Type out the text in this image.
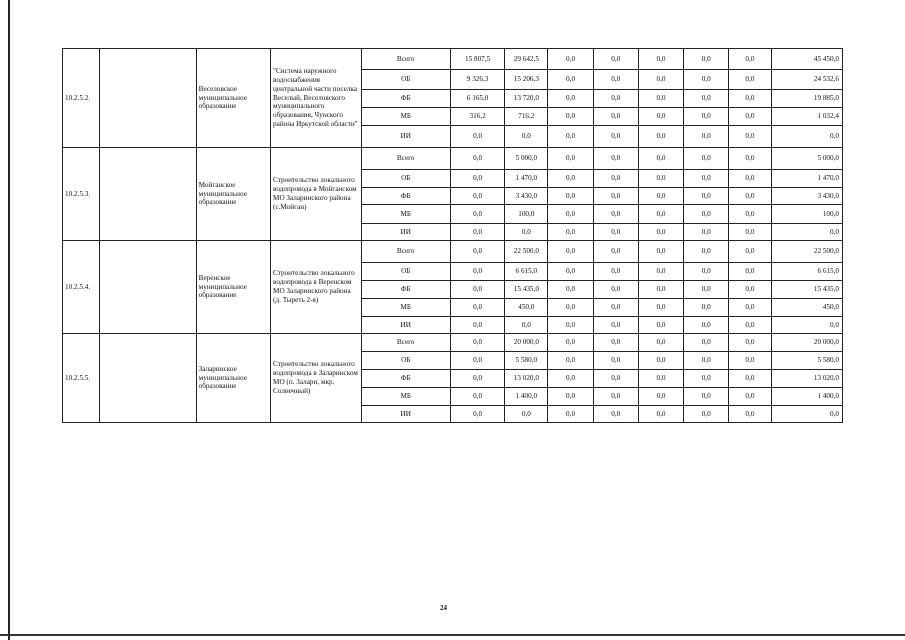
10.2.5.2.		Веселовское муниципальное образование	"Система наружного водоснабжения центральной части поселка Веселый, Веселовского муниципального образования, Чунского района Иркутской области"	Всего	15 807,5	29 642,5	0,0	0,0	0,0	0,0	0,0	45 450,0
				ОБ	9 326,3	15 206,3	0,0	0,0	0,0	0,0	0,0	24 532,6
				ФБ	6 165,0	13 720,0	0,0	0,0	0,0	0,0	0,0	19 885,0
				МБ	316,2	716,2	0,0	0,0	0,0	0,0	0,0	1 032,4
				ИИ	0,0	0,0	0,0	0,0	0,0	0,0	0,0	0,0
10.2.5.3.		Мойганское муниципальное образование	Строительство локального водопровода в Мойганском МО Заларинского района (с.Мойган)	Всего	0,0	5 000,0	0,0	0,0	0,0	0,0	0,0	5 000,0
				ОБ	0,0	1 470,0	0,0	0,0	0,0	0,0	0,0	1 470,0
				ФБ	0,0	3 430,0	0,0	0,0	0,0	0,0	0,0	3 430,0
				МБ	0,0	100,0	0,0	0,0	0,0	0,0	0,0	100,0
				ИИ	0,0	0,0	0,0	0,0	0,0	0,0	0,0	0,0
10.2.5.4.		Веренское муниципальное образование	Строительство локального водопровода в Веренском МО Заларинского района (д. Тыреть 2-я)	Всего	0,0	22 500,0	0,0	0,0	0,0	0,0	0,0	22 500,0
				ОБ	0,0	6 615,0	0,0	0,0	0,0	0,0	0,0	6 615,0
				ФБ	0,0	15 435,0	0,0	0,0	0,0	0,0	0,0	15 435,0
				МБ	0,0	450,0	0,0	0,0	0,0	0,0	0,0	450,0
				ИИ	0,0	0,0	0,0	0,0	0,0	0,0	0,0	0,0
10.2.5.5.		Заларинское муниципальное образование	Строительство локального водопровода в Заларинском МО (п. Залари, мкр. Солнечный)	Всего	0,0	20 000,0	0,0	0,0	0,0	0,0	0,0	20 000,0
				ОБ	0,0	5 580,0	0,0	0,0	0,0	0,0	0,0	5 580,0
				ФБ	0,0	13 020,0	0,0	0,0	0,0	0,0	0,0	13 020,0
				МБ	0,0	1 400,0	0,0	0,0	0,0	0,0	0,0	1 400,0
				ИИ	0,0	0,0	0,0	0,0	0,0	0,0	0,0	0,0
24
